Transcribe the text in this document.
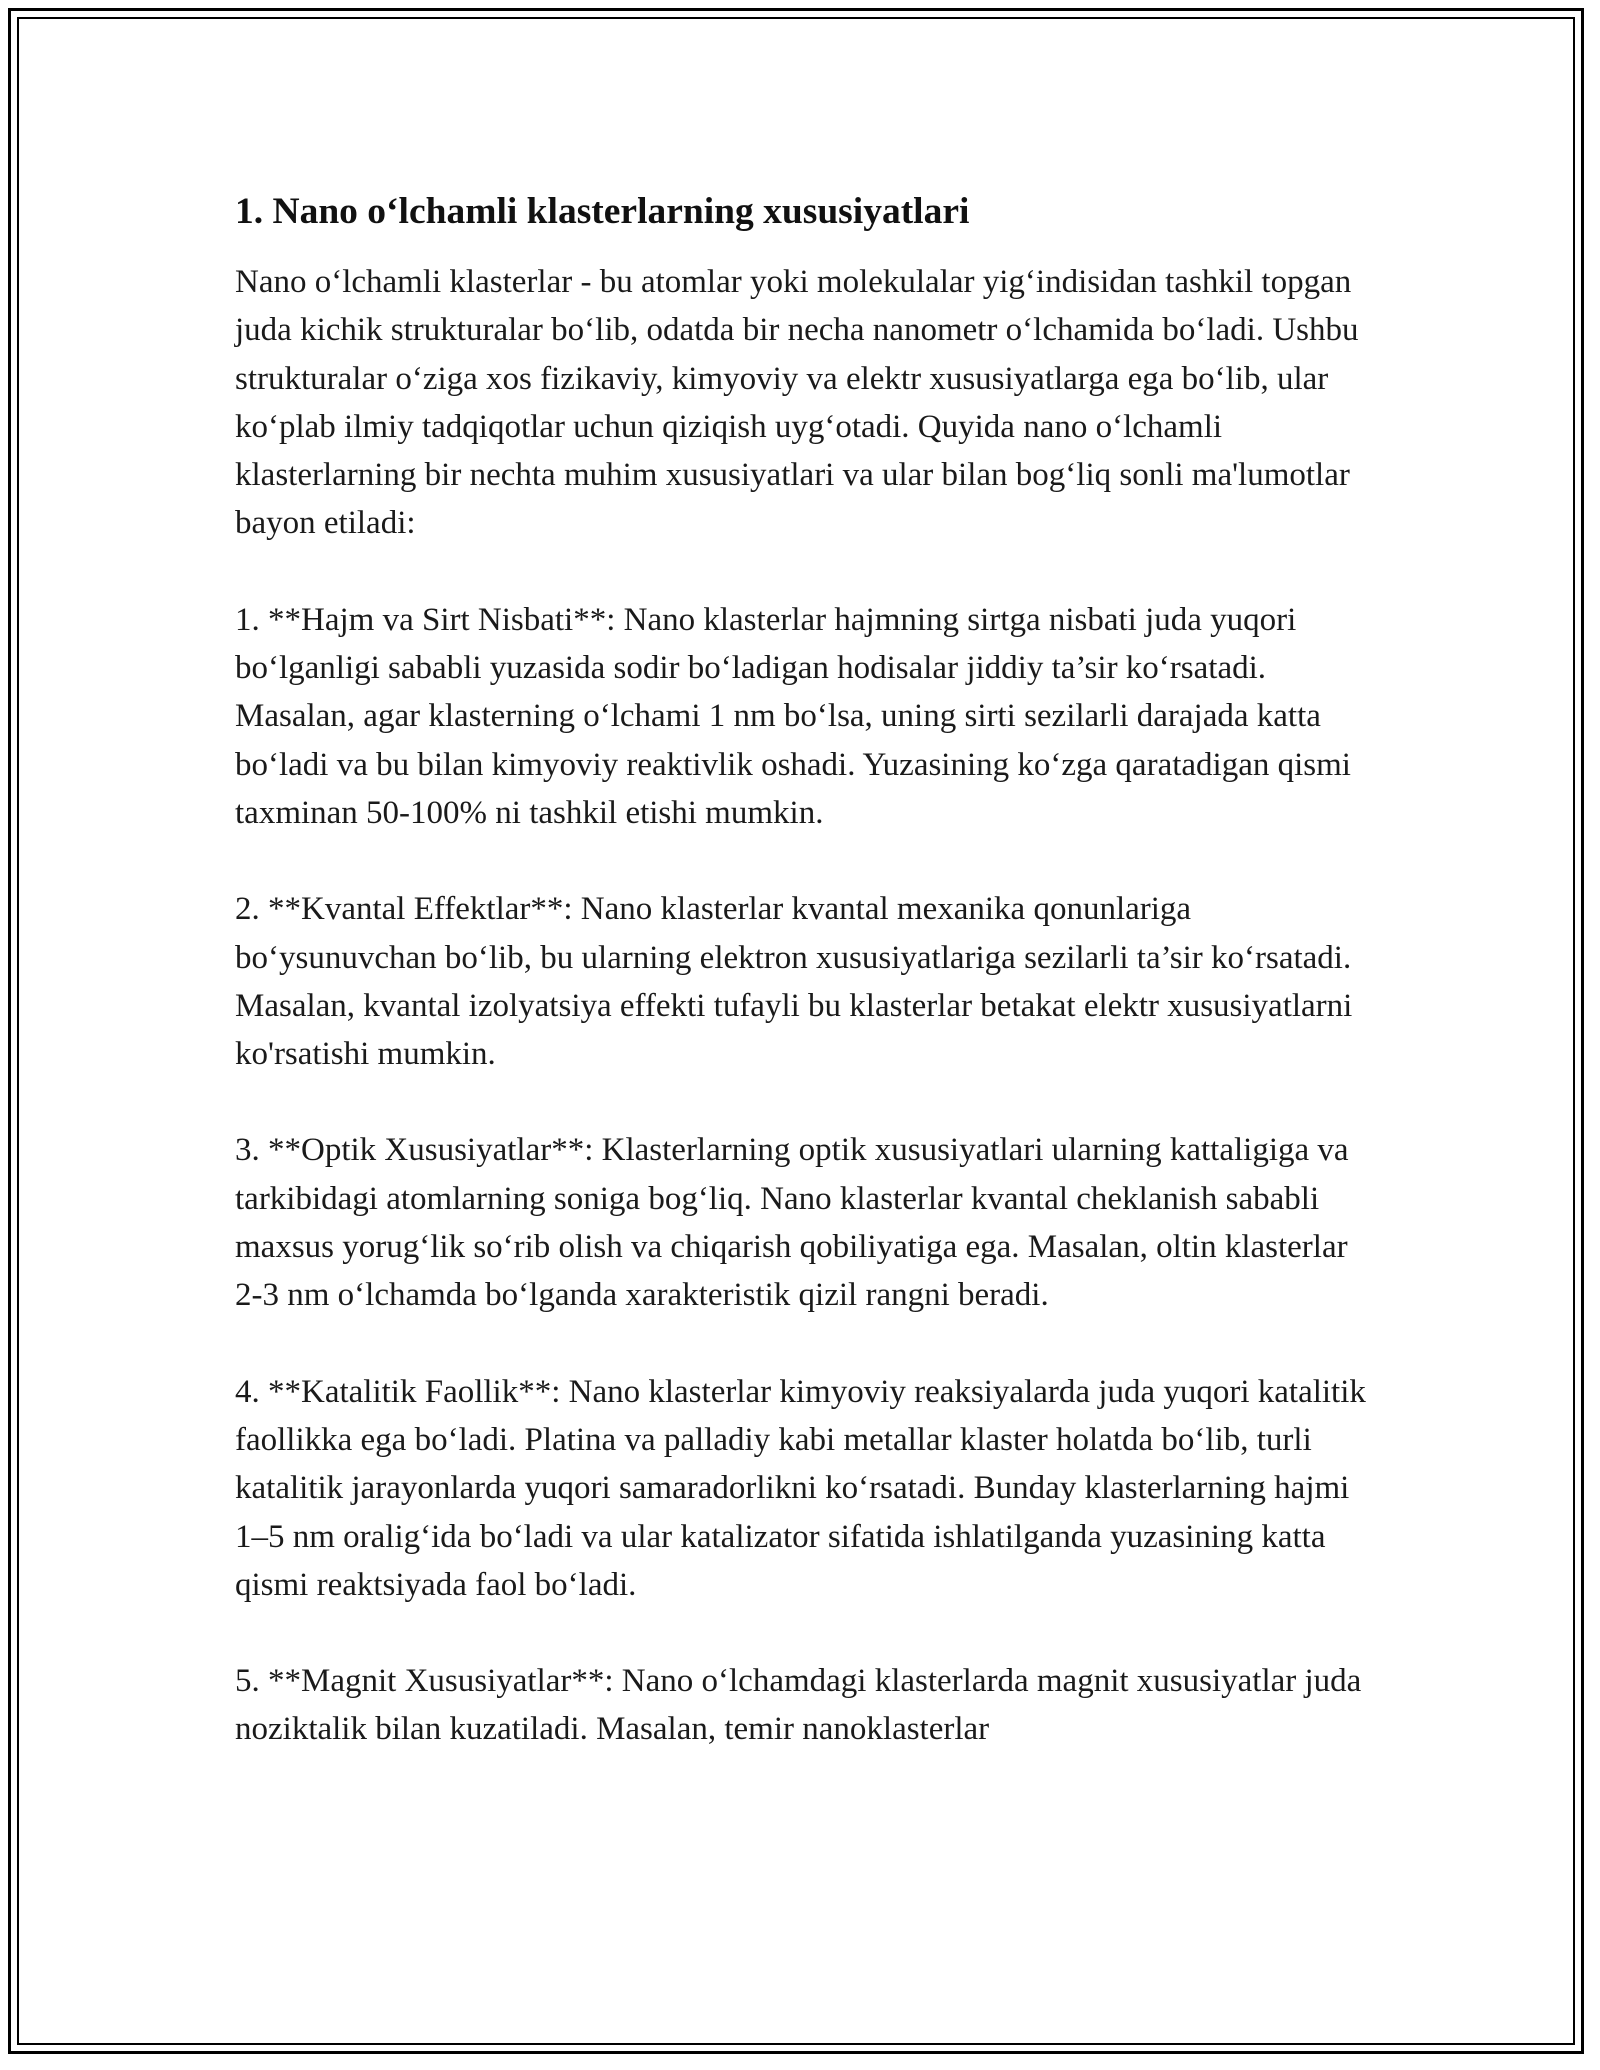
1. Nano o‘lchamli klasterlarning xususiyatlari

Nano o‘lchamli klasterlar - bu atomlar yoki molekulalar yig‘indisidan tashkil topgan juda kichik strukturalar bo‘lib, odatda bir necha nanometr o‘lchamida bo‘ladi. Ushbu strukturalar o‘ziga xos fizikaviy, kimyoviy va elektr xususiyatlarga ega bo‘lib, ular ko‘plab ilmiy tadqiqotlar uchun qiziqish uyg‘otadi. Quyida nano o‘lchamli klasterlarning bir nechta muhim xususiyatlari va ular bilan bog‘liq sonli ma'lumotlar bayon etiladi:

1. **Hajm va Sirt Nisbati**: Nano klasterlar hajmning sirtga nisbati juda yuqori bo‘lganligi sababli yuzasida sodir bo‘ladigan hodisalar jiddiy ta’sir ko‘rsatadi. Masalan, agar klasterning o‘lchami 1 nm bo‘lsa, uning sirti sezilarli darajada katta bo‘ladi va bu bilan kimyoviy reaktivlik oshadi. Yuzasining ko‘zga qaratadigan qismi taxminan 50-100% ni tashkil etishi mumkin.

2. **Kvantal Effektlar**: Nano klasterlar kvantal mexanika qonunlariga bo‘ysunuvchan bo‘lib, bu ularning elektron xususiyatlariga sezilarli ta’sir ko‘rsatadi. Masalan, kvantal izolyatsiya effekti tufayli bu klasterlar betakat elektr xususiyatlarni ko'rsatishi mumkin.

3. **Optik Xususiyatlar**: Klasterlarning optik xususiyatlari ularning kattaligiga va tarkibidagi atomlarning soniga bog‘liq. Nano klasterlar kvantal cheklanish sababli maxsus yorug‘lik so‘rib olish va chiqarish qobiliyatiga ega. Masalan, oltin klasterlar 2-3 nm o‘lchamda bo‘lganda xarakteristik qizil rangni beradi.

4. **Katalitik Faollik**: Nano klasterlar kimyoviy reaksiyalarda juda yuqori katalitik faollikka ega bo‘ladi. Platina va palladiy kabi metallar klaster holatda bo‘lib, turli katalitik jarayonlarda yuqori samaradorlikni ko‘rsatadi. Bunday klasterlarning hajmi 1–5 nm oralig‘ida bo‘ladi va ular katalizator sifatida ishlatilganda yuzasining katta qismi reaktsiyada faol bo‘ladi.

5. **Magnit Xususiyatlar**: Nano o‘lchamdagi klasterlarda magnit xususiyatlar juda noziktalik bilan kuzatiladi. Masalan, temir nanoklasterlar
